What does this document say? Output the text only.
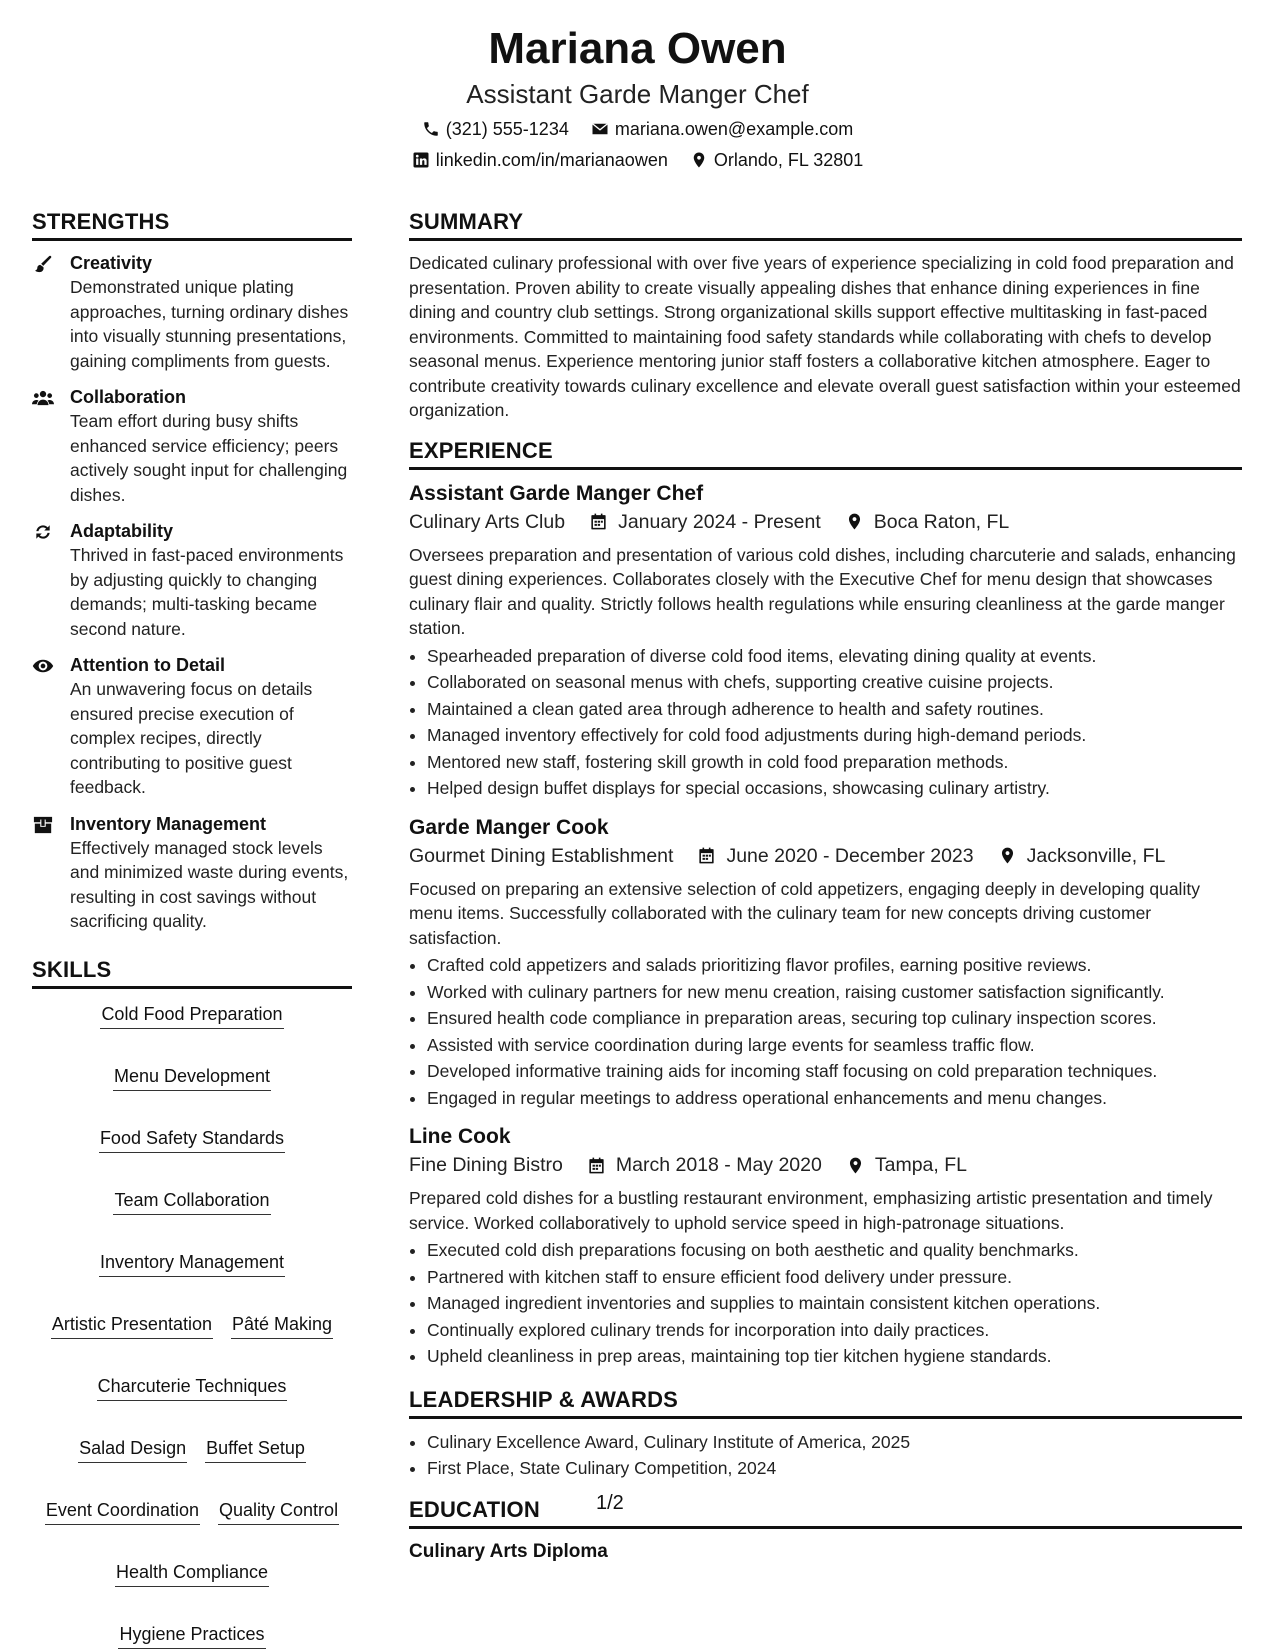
Mariana Owen
Assistant Garde Manger Chef
(321) 555-1234	mariana.owen@example.com
linkedin.com/in/marianaowen	Orlando, FL 32801
STRENGTHS
Creativity
Demonstrated unique plating approaches, turning ordinary dishes into visually stunning presentations, gaining compliments from guests.
Collaboration
Team effort during busy shifts enhanced service efficiency; peers actively sought input for challenging dishes.
Adaptability
Thrived in fast-paced environments by adjusting quickly to changing demands; multi-tasking became second nature.
Attention to Detail
An unwavering focus on details ensured precise execution of complex recipes, directly contributing to positive guest feedback.
Inventory Management
Effectively managed stock levels and minimized waste during events, resulting in cost savings without sacrificing quality.
SKILLS
Cold Food Preparation
Menu Development
Food Safety Standards
Team Collaboration
Inventory Management
Artistic Presentation Pâté Making
Charcuterie Techniques
Salad Design Buffet Setup
Event Coordination Quality Control
Health Compliance
Hygiene Practices
SUMMARY
Dedicated culinary professional with over five years of experience specializing in cold food preparation and presentation. Proven ability to create visually appealing dishes that enhance dining experiences in fine dining and country club settings. Strong organizational skills support effective multitasking in fast-paced environments. Committed to maintaining food safety standards while collaborating with chefs to develop seasonal menus. Experience mentoring junior staff fosters a collaborative kitchen atmosphere. Eager to contribute creativity towards culinary excellence and elevate overall guest satisfaction within your esteemed organization.
EXPERIENCE
Assistant Garde Manger Chef
Culinary Arts Club	January 2024 - Present	Boca Raton, FL
Oversees preparation and presentation of various cold dishes, including charcuterie and salads, enhancing guest dining experiences. Collaborates closely with the Executive Chef for menu design that showcases culinary flair and quality. Strictly follows health regulations while ensuring cleanliness at the garde manger station.
• Spearheaded preparation of diverse cold food items, elevating dining quality at events.
• Collaborated on seasonal menus with chefs, supporting creative cuisine projects.
• Maintained a clean gated area through adherence to health and safety routines.
• Managed inventory effectively for cold food adjustments during high-demand periods.
• Mentored new staff, fostering skill growth in cold food preparation methods.
• Helped design buffet displays for special occasions, showcasing culinary artistry.
Garde Manger Cook
Gourmet Dining Establishment	June 2020 - December 2023	Jacksonville, FL
Focused on preparing an extensive selection of cold appetizers, engaging deeply in developing quality menu items. Successfully collaborated with the culinary team for new concepts driving customer satisfaction.
• Crafted cold appetizers and salads prioritizing flavor profiles, earning positive reviews.
• Worked with culinary partners for new menu creation, raising customer satisfaction significantly.
• Ensured health code compliance in preparation areas, securing top culinary inspection scores.
• Assisted with service coordination during large events for seamless traffic flow.
• Developed informative training aids for incoming staff focusing on cold preparation techniques.
• Engaged in regular meetings to address operational enhancements and menu changes.
Line Cook
Fine Dining Bistro	March 2018 - May 2020	Tampa, FL
Prepared cold dishes for a bustling restaurant environment, emphasizing artistic presentation and timely service. Worked collaboratively to uphold service speed in high-patronage situations.
• Executed cold dish preparations focusing on both aesthetic and quality benchmarks.
• Partnered with kitchen staff to ensure efficient food delivery under pressure.
• Managed ingredient inventories and supplies to maintain consistent kitchen operations.
• Continually explored culinary trends for incorporation into daily practices.
• Upheld cleanliness in prep areas, maintaining top tier kitchen hygiene standards.
LEADERSHIP & AWARDS
• Culinary Excellence Award, Culinary Institute of America, 2025
• First Place, State Culinary Competition, 2024
EDUCATION
Culinary Arts Diploma
1/2
